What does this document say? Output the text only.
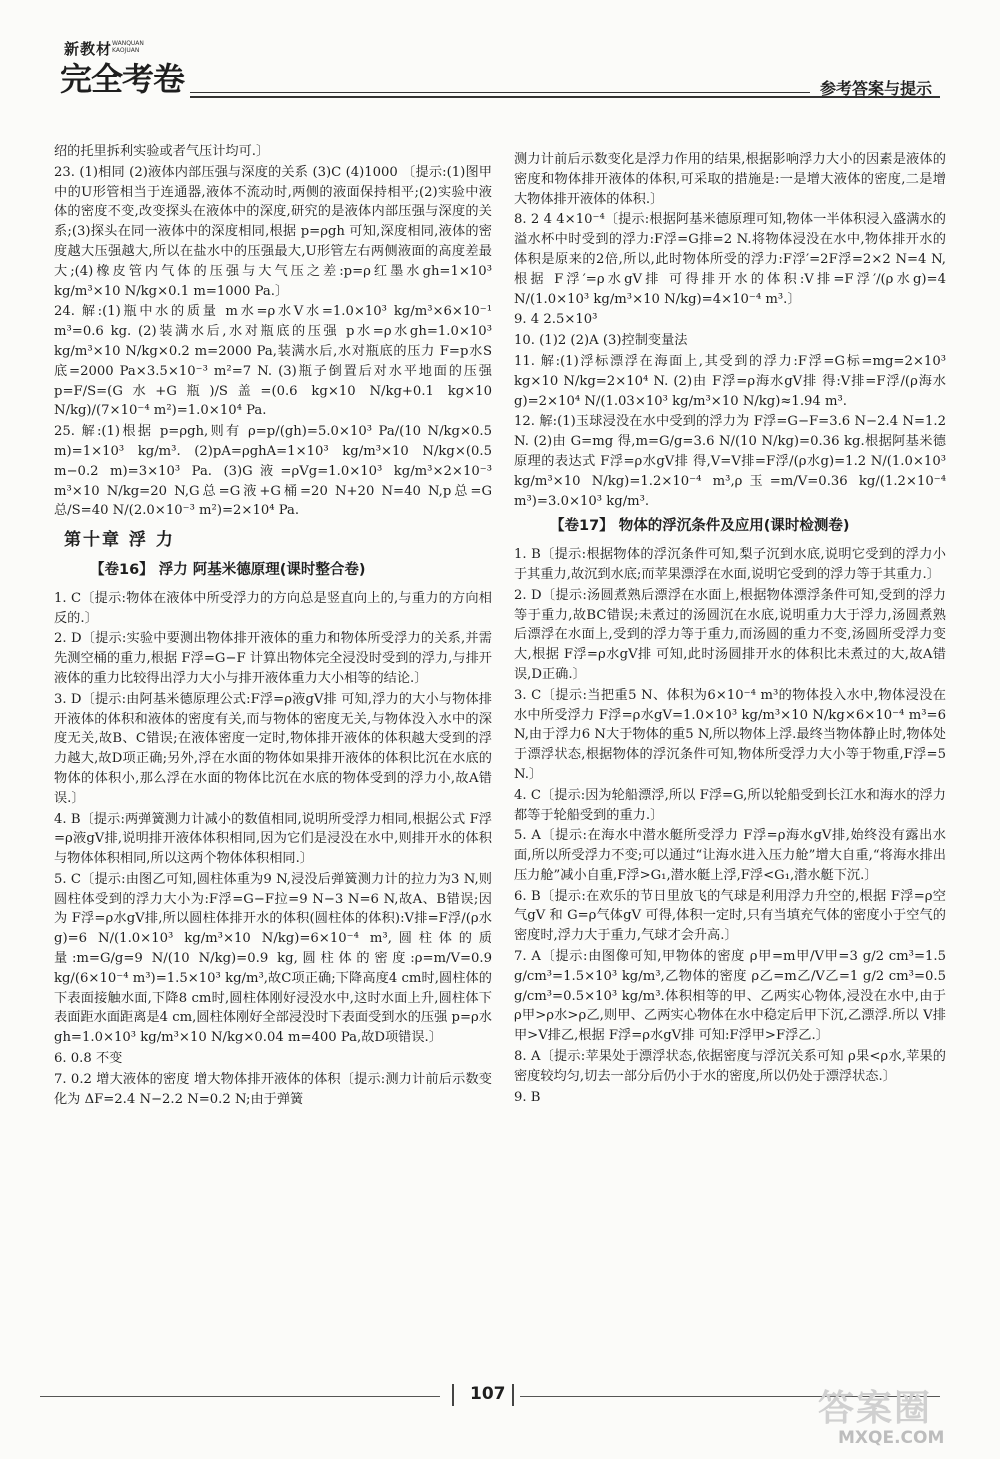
新教材 WANQUAN
KAOJUAN
完全考卷	参考答案与提示

绍的托里拆利实验或者气压计均可.〕

23. (1)相同 (2)液体内部压强与深度的关系 (3)C (4)1000 〔提示:(1)图甲中的U形管相当于连通器,液体不流动时,两侧的液面保持相平;(2)实验中液体的密度不变,改变探头在液体中的深度,研究的是液体内部压强与深度的关系;(3)探头在同一液体中的深度相同,根据 p=ρgh 可知,深度相同,液体的密度越大压强越大,所以在盐水中的压强最大,U形管左右两侧液面的高度差最大;(4)橡皮管内气体的压强与大气压之差:p=ρ红墨水gh=1×10³ kg/m³×10 N/kg×0.1 m=1000 Pa.〕

24. 解:(1)瓶中水的质量 m水=ρ水V水=1.0×10³ kg/m³×6×10⁻¹ m³=0.6 kg. (2)装满水后,水对瓶底的压强 p水=ρ水gh=1.0×10³ kg/m³×10 N/kg×0.2 m=2000 Pa,装满水后,水对瓶底的压力 F=p水S底=2000 Pa×3.5×10⁻³ m²=7 N. (3)瓶子倒置后对水平地面的压强 p=F/S=(G水+G瓶)/S盖=(0.6 kg×10 N/kg+0.1 kg×10 N/kg)/(7×10⁻⁴ m²)=1.0×10⁴ Pa.

25. 解:(1)根据 p=ρgh,则有 ρ=p/(gh)=5.0×10³ Pa/(10 N/kg×0.5 m)=1×10³ kg/m³. (2)pA=ρghA=1×10³ kg/m³×10 N/kg×(0.5 m−0.2 m)=3×10³ Pa. (3)G液=ρVg=1.0×10³ kg/m³×2×10⁻³ m³×10 N/kg=20 N,G总=G液+G桶=20 N+20 N=40 N,p总=G总/S=40 N/(2.0×10⁻³ m²)=2×10⁴ Pa.

第十章 浮 力
【卷16】 浮力 阿基米德原理(课时整合卷)

1. C〔提示:物体在液体中所受浮力的方向总是竖直向上的,与重力的方向相反的.〕

2. D〔提示:实验中要测出物体排开液体的重力和物体所受浮力的关系,并需先测空桶的重力,根据 F浮=G−F 计算出物体完全浸没时受到的浮力,与排开液体的重力比较得出浮力大小与排开液体重力大小相等的结论.〕

3. D〔提示:由阿基米德原理公式:F浮=ρ液gV排 可知,浮力的大小与物体排开液体的体积和液体的密度有关,而与物体的密度无关,与物体没入水中的深度无关,故B、C错误;在液体密度一定时,物体排开液体的体积越大受到的浮力越大,故D项正确;另外,浮在水面的物体如果排开液体的体积比沉在水底的物体的体积小,那么浮在水面的物体比沉在水底的物体受到的浮力小,故A错误.〕

4. B〔提示:两弹簧测力计减小的数值相同,说明所受浮力相同,根据公式 F浮=ρ液gV排,说明排开液体体积相同,因为它们是浸没在水中,则排开水的体积与物体体积相同,所以这两个物体体积相同.〕

5. C〔提示:由图乙可知,圆柱体重为9 N,浸没后弹簧测力计的拉力为3 N,则圆柱体受到的浮力大小为:F浮=G−F拉=9 N−3 N=6 N,故A、B错误;因为 F浮=ρ水gV排,所以圆柱体排开水的体积(圆柱体的体积):V排=F浮/(ρ水g)=6 N/(1.0×10³ kg/m³×10 N/kg)=6×10⁻⁴ m³,圆柱体的质量:m=G/g=9 N/(10 N/kg)=0.9 kg,圆柱体的密度:ρ=m/V=0.9 kg/(6×10⁻⁴ m³)=1.5×10³ kg/m³,故C项正确;下降高度4 cm时,圆柱体的下表面接触水面,下降8 cm时,圆柱体刚好浸没水中,这时水面上升,圆柱体下表面距水面距离是4 cm,圆柱体刚好全部浸没时下表面受到水的压强 p=ρ水gh=1.0×10³ kg/m³×10 N/kg×0.04 m=400 Pa,故D项错误.〕

6. 0.8 不变

7. 0.2 增大液体的密度 增大物体排开液体的体积〔提示:测力计前后示数变化为 ΔF=2.4 N−2.2 N=0.2 N;由于弹簧

测力计前后示数变化是浮力作用的结果,根据影响浮力大小的因素是液体的密度和物体排开液体的体积,可采取的措施是:一是增大液体的密度,二是增大物体排开液体的体积.〕

8. 2 4 4×10⁻⁴〔提示:根据阿基米德原理可知,物体一半体积浸入盛满水的溢水杯中时受到的浮力:F浮=G排=2 N.将物体浸没在水中,物体排开水的体积是原来的2倍,所以,此时物体所受的浮力:F浮′=2F浮=2×2 N=4 N,根据 F浮′=ρ水gV排 可得排开水的体积:V排=F浮′/(ρ水g)=4 N/(1.0×10³ kg/m³×10 N/kg)=4×10⁻⁴ m³.〕

9. 4 2.5×10³

10. (1)2 (2)A (3)控制变量法

11. 解:(1)浮标漂浮在海面上,其受到的浮力:F浮=G标=mg=2×10³ kg×10 N/kg=2×10⁴ N. (2)由 F浮=ρ海水gV排 得:V排=F浮/(ρ海水g)=2×10⁴ N/(1.03×10³ kg/m³×10 N/kg)≈1.94 m³.

12. 解:(1)玉球浸没在水中受到的浮力为 F浮=G−F=3.6 N−2.4 N=1.2 N. (2)由 G=mg 得,m=G/g=3.6 N/(10 N/kg)=0.36 kg.根据阿基米德原理的表达式 F浮=ρ水gV排 得,V=V排=F浮/(ρ水g)=1.2 N/(1.0×10³ kg/m³×10 N/kg)=1.2×10⁻⁴ m³,ρ玉=m/V=0.36 kg/(1.2×10⁻⁴ m³)=3.0×10³ kg/m³.

【卷17】 物体的浮沉条件及应用(课时检测卷)

1. B〔提示:根据物体的浮沉条件可知,梨子沉到水底,说明它受到的浮力小于其重力,故沉到水底;而苹果漂浮在水面,说明它受到的浮力等于其重力.〕

2. D〔提示:汤圆煮熟后漂浮在水面上,根据物体漂浮条件可知,受到的浮力等于重力,故BC错误;未煮过的汤圆沉在水底,说明重力大于浮力,汤圆煮熟后漂浮在水面上,受到的浮力等于重力,而汤圆的重力不变,汤圆所受浮力变大,根据 F浮=ρ水gV排 可知,此时汤圆排开水的体积比未煮过的大,故A错误,D正确.〕

3. C〔提示:当把重5 N、体积为6×10⁻⁴ m³的物体投入水中,物体浸没在水中所受浮力 F浮=ρ水gV=1.0×10³ kg/m³×10 N/kg×6×10⁻⁴ m³=6 N,由于浮力6 N大于物体的重5 N,所以物体上浮.最终当物体静止时,物体处于漂浮状态,根据物体的浮沉条件可知,物体所受浮力大小等于物重,F浮=5 N.〕

4. C〔提示:因为轮船漂浮,所以 F浮=G,所以轮船受到长江水和海水的浮力都等于轮船受到的重力.〕

5. A〔提示:在海水中潜水艇所受浮力 F浮=ρ海水gV排,始终没有露出水面,所以所受浮力不变;可以通过“让海水进入压力舱”增大自重,“将海水排出压力舱”减小自重,F浮>G₁,潜水艇上浮,F浮<G₁,潜水艇下沉.〕

6. B〔提示:在欢乐的节日里放飞的气球是利用浮力升空的,根据 F浮=ρ空气gV 和 G=ρ气体gV 可得,体积一定时,只有当填充气体的密度小于空气的密度时,浮力大于重力,气球才会升高.〕

7. A〔提示:由图像可知,甲物体的密度 ρ甲=m甲/V甲=3 g/2 cm³=1.5 g/cm³=1.5×10³ kg/m³,乙物体的密度 ρ乙=m乙/V乙=1 g/2 cm³=0.5 g/cm³=0.5×10³ kg/m³.体积相等的甲、乙两实心物体,浸没在水中,由于 ρ甲>ρ水>ρ乙,则甲、乙两实心物体在水中稳定后甲下沉,乙漂浮.所以 V排甲>V排乙,根据 F浮=ρ水gV排 可知:F浮甲>F浮乙.〕

8. A〔提示:苹果处于漂浮状态,依据密度与浮沉关系可知 ρ果<ρ水,苹果的密度较均匀,切去一部分后仍小于水的密度,所以仍处于漂浮状态.〕

9. B

107	答案圈
MXQE.COM
